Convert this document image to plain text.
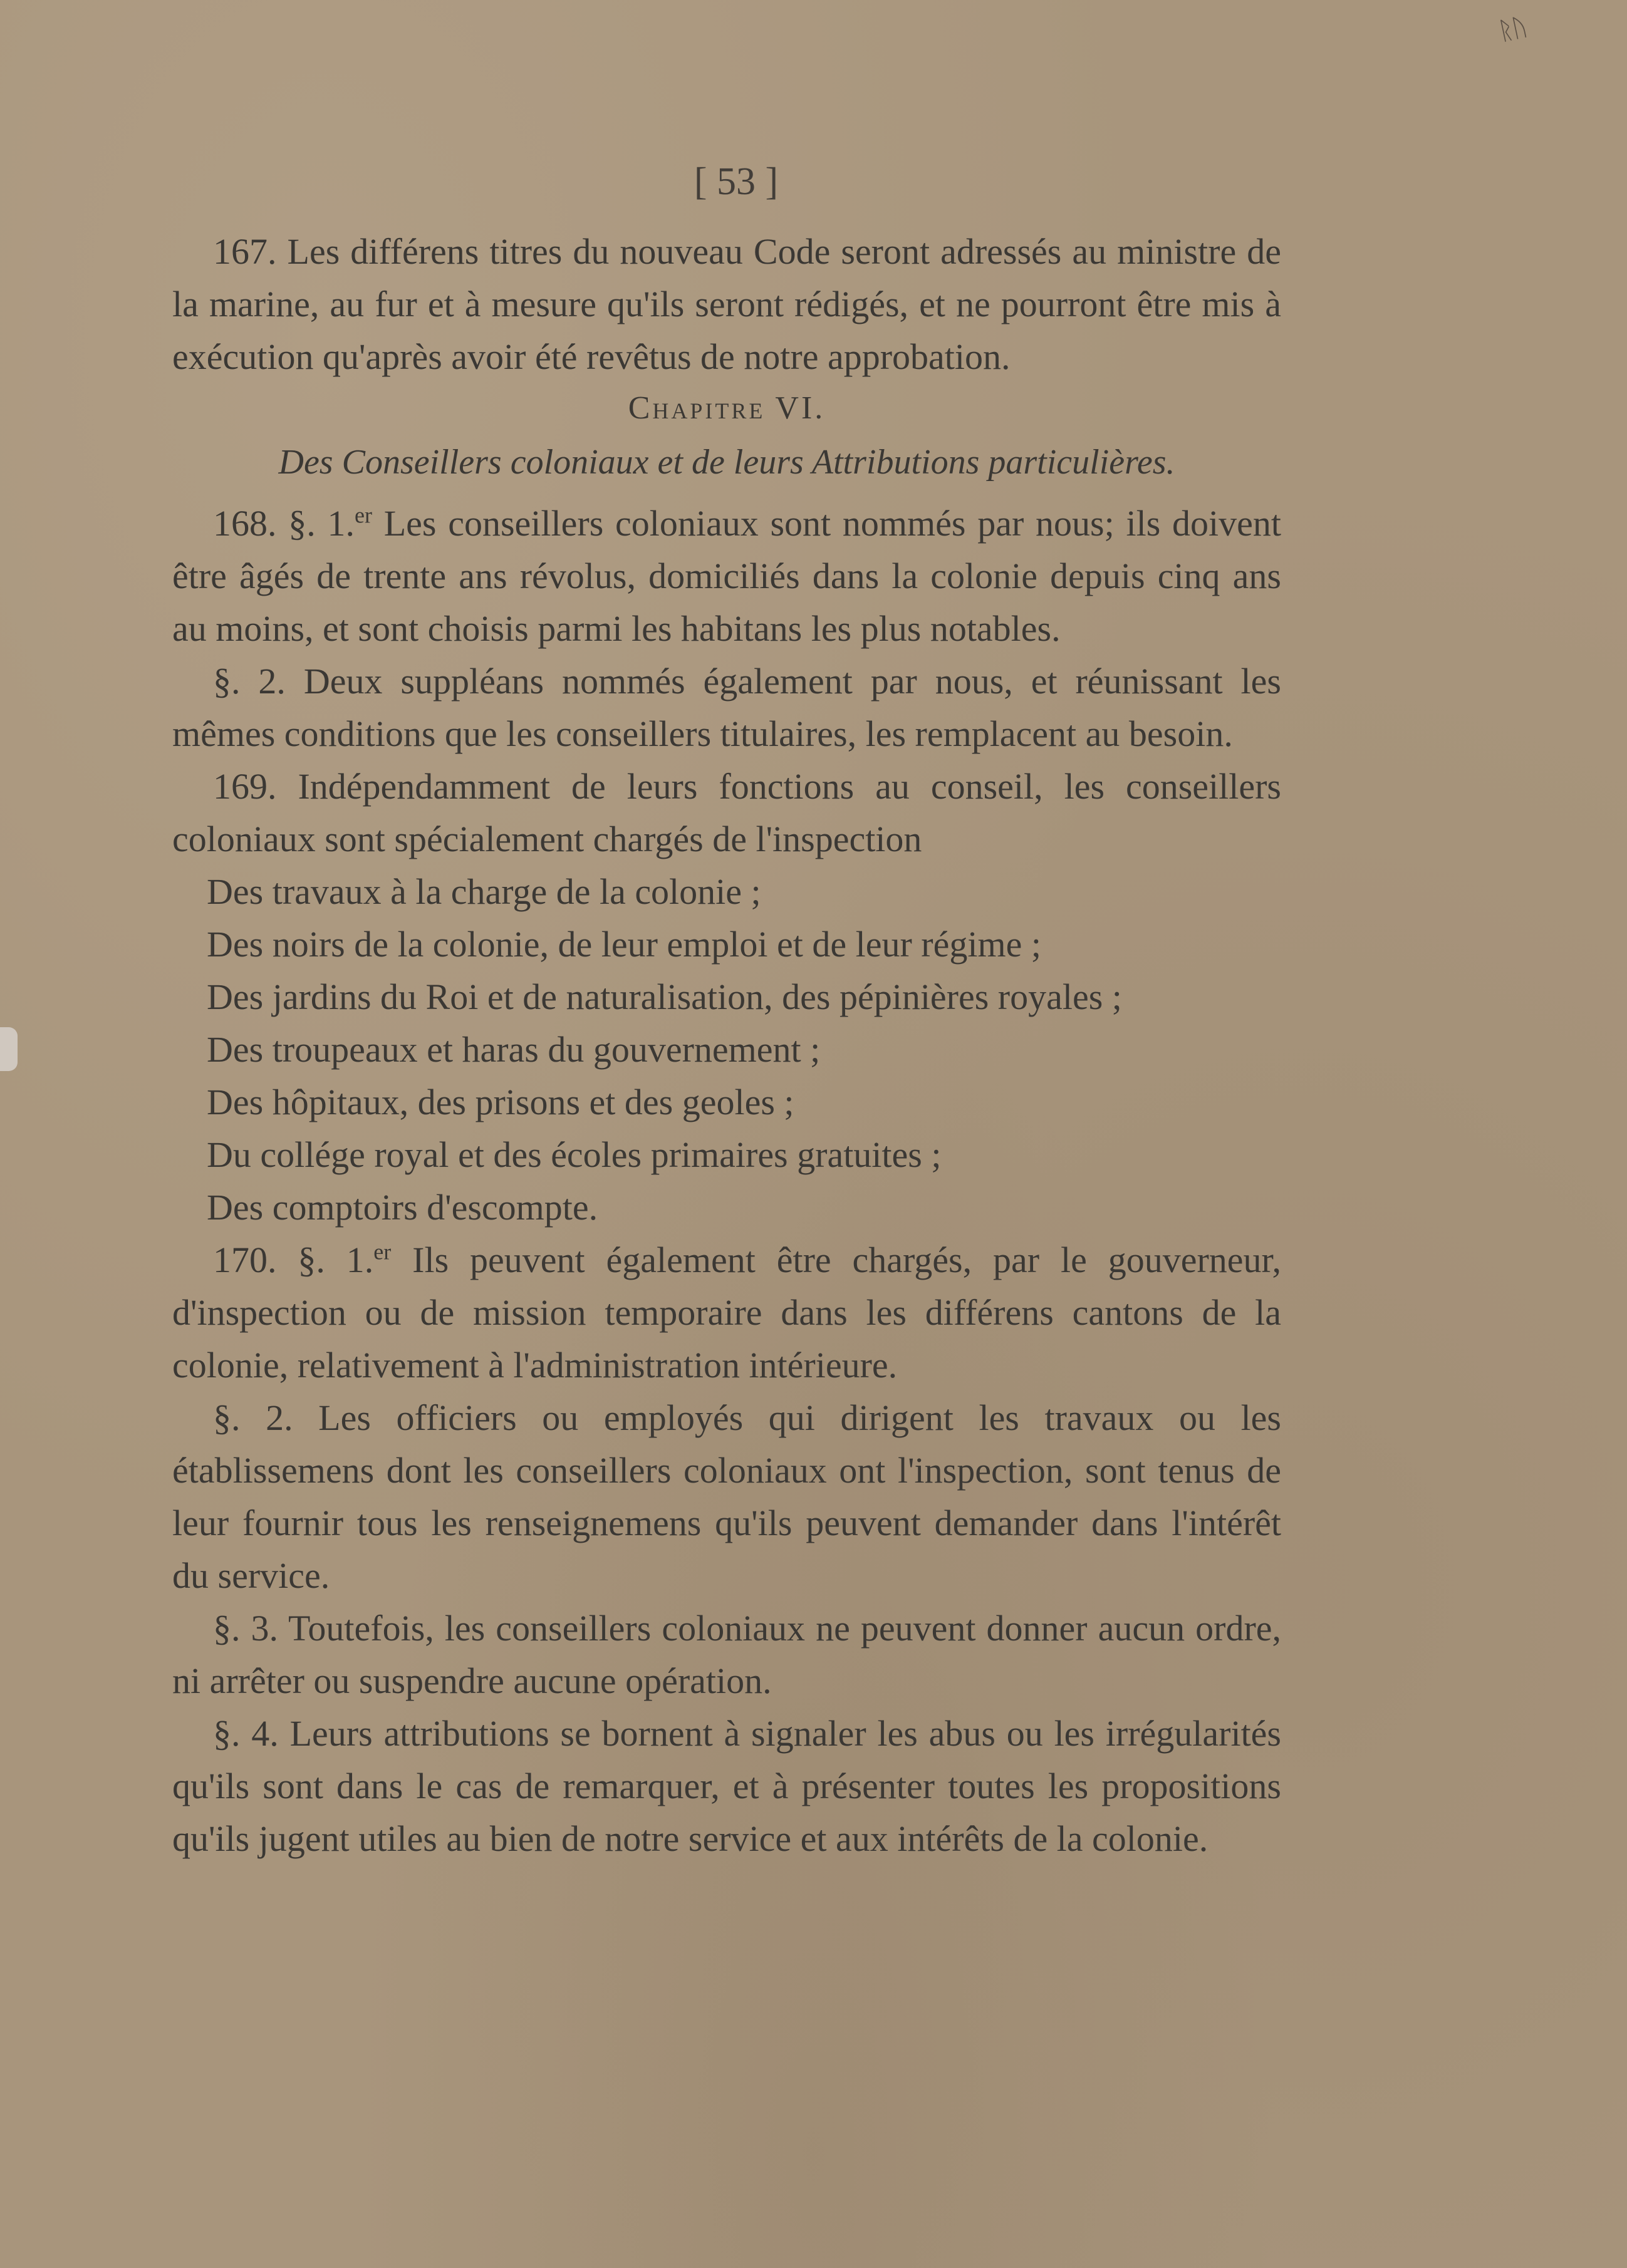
ᚱᚢ
[ 53 ]

167. Les différens titres du nouveau Code seront adressés au ministre de la marine, au fur et à mesure qu'ils seront rédigés, et ne pourront être mis à exécution qu'après avoir été revêtus de notre approbation.

Chapitre VI.

Des Conseillers coloniaux et de leurs Attributions particulières.

168. §. 1.$^{er}$ Les conseillers coloniaux sont nommés par nous; ils doivent être âgés de trente ans révolus, domiciliés dans la colonie depuis cinq ans au moins, et sont choisis parmi les habitans les plus notables.

§. 2. Deux suppléans nommés également par nous, et réunissant les mêmes conditions que les conseillers titulaires, les remplacent au besoin.

169. Indépendamment de leurs fonctions au conseil, les conseillers coloniaux sont spécialement chargés de l'inspection

Des travaux à la charge de la colonie ;

Des noirs de la colonie, de leur emploi et de leur régime ;

Des jardins du Roi et de naturalisation, des pépinières royales ;

Des troupeaux et haras du gouvernement ;

Des hôpitaux, des prisons et des geoles ;

Du collége royal et des écoles primaires gratuites ;

Des comptoirs d'escompte.

170. §. 1.$^{er}$ Ils peuvent également être chargés, par le gouverneur, d'inspection ou de mission temporaire dans les différens cantons de la colonie, relativement à l'administration intérieure.

§. 2. Les officiers ou employés qui dirigent les travaux ou les établissemens dont les conseillers coloniaux ont l'inspection, sont tenus de leur fournir tous les renseignemens qu'ils peuvent demander dans l'intérêt du service.

§. 3. Toutefois, les conseillers coloniaux ne peuvent donner aucun ordre, ni arrêter ou suspendre aucune opération.

§. 4. Leurs attributions se bornent à signaler les abus ou les irrégularités qu'ils sont dans le cas de remarquer, et à présenter toutes les propositions qu'ils jugent utiles au bien de notre service et aux intérêts de la colonie.
